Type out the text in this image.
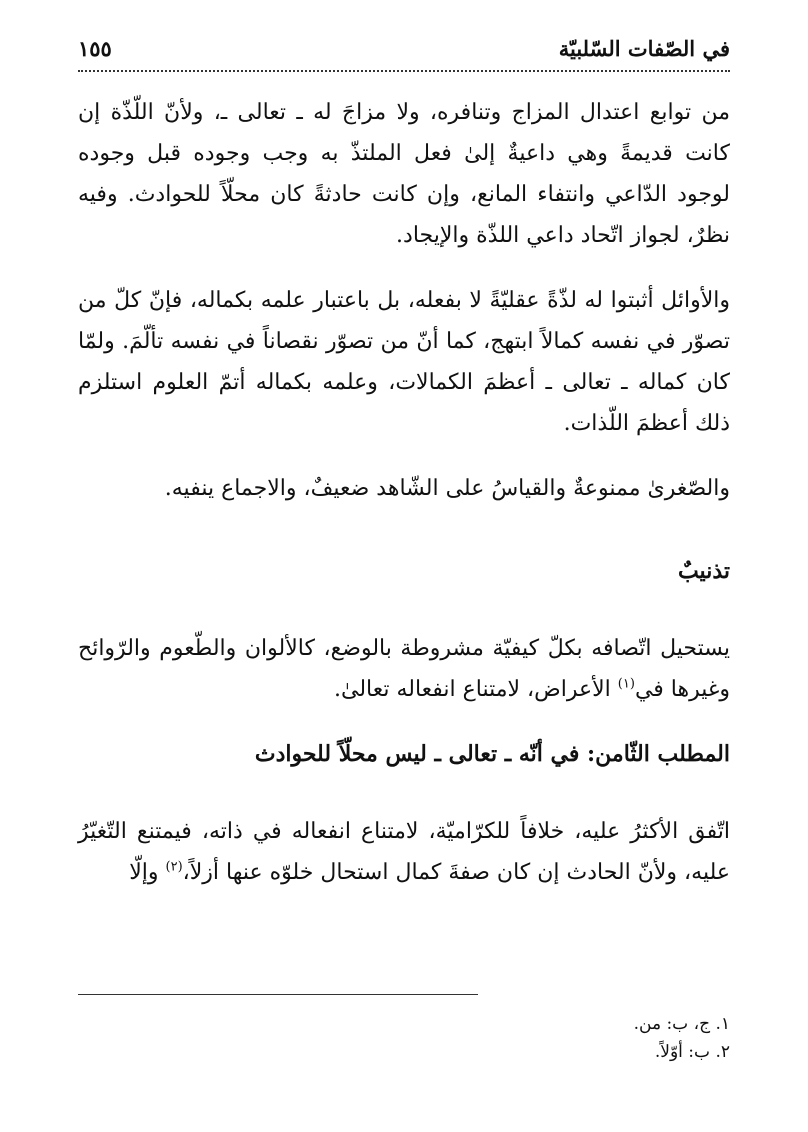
في الصّفات السّلبيّة
١٥٥

من توابع اعتدال المزاج وتنافره، ولا مزاجَ له ـ تعالى ـ، ولأنّ اللّذّة إن كانت قديمةً وهي داعيةٌ إلىٰ فعل الملتذّ به وجب وجوده قبل وجوده لوجود الدّاعي وانتفاء المانع، وإن كانت حادثةً كان محلّاً للحوادث. وفيه نظرٌ، لجواز اتّحاد داعي اللذّة والإيجاد.

والأوائل أثبتوا له لذّةً عقليّةً لا بفعله، بل باعتبار علمه بكماله، فإنّ كلّ من تصوّر في نفسه كمالاً ابتهج، كما أنّ من تصوّر نقصاناً في نفسه تألّمَ. ولمّا كان كماله ـ تعالى ـ أعظمَ الكمالات، وعلمه بكماله أتمّ العلوم استلزم ذلك أعظمَ اللّذات.

والصّغرىٰ ممنوعةٌ والقياسُ على الشّاهد ضعيفٌ، والاجماع ينفيه.

تذنيبٌ

يستحيل اتّصافه بكلّ كيفيّة مشروطة بالوضع، كالألوان والطّعوم والرّوائح وغيرها في$^{(١)}$ الأعراض، لامتناع انفعاله تعالىٰ.

المطلب الثّامن: في أنّه ـ تعالى ـ ليس محلّاً للحوادث

اتّفق الأكثرُ عليه، خلافاً للكرّاميّة، لامتناع انفعاله في ذاته، فيمتنع التّغيّرُ عليه، ولأنّ الحادث إن كان صفةَ كمال استحال خلوّه عنها أزلاً،$^{(٢)}$ وإلّا

١. ج، ب: من.

٢. ب: أوّلاً.
